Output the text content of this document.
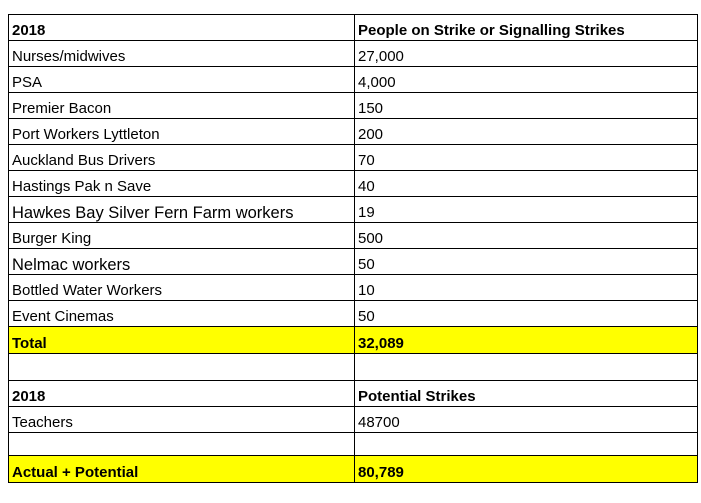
2018	People on Strike or Signalling Strikes
Nurses/midwives	27,000
PSA	4,000
Premier Bacon	150
Port Workers Lyttleton	200
Auckland Bus Drivers	70
Hastings Pak n Save	40
Hawkes Bay Silver Fern Farm workers	19
Burger King	500
Nelmac workers	50
Bottled Water Workers	10
Event Cinemas	50
Total	32,089

2018	Potential Strikes
Teachers	48700

Actual + Potential	80,789
